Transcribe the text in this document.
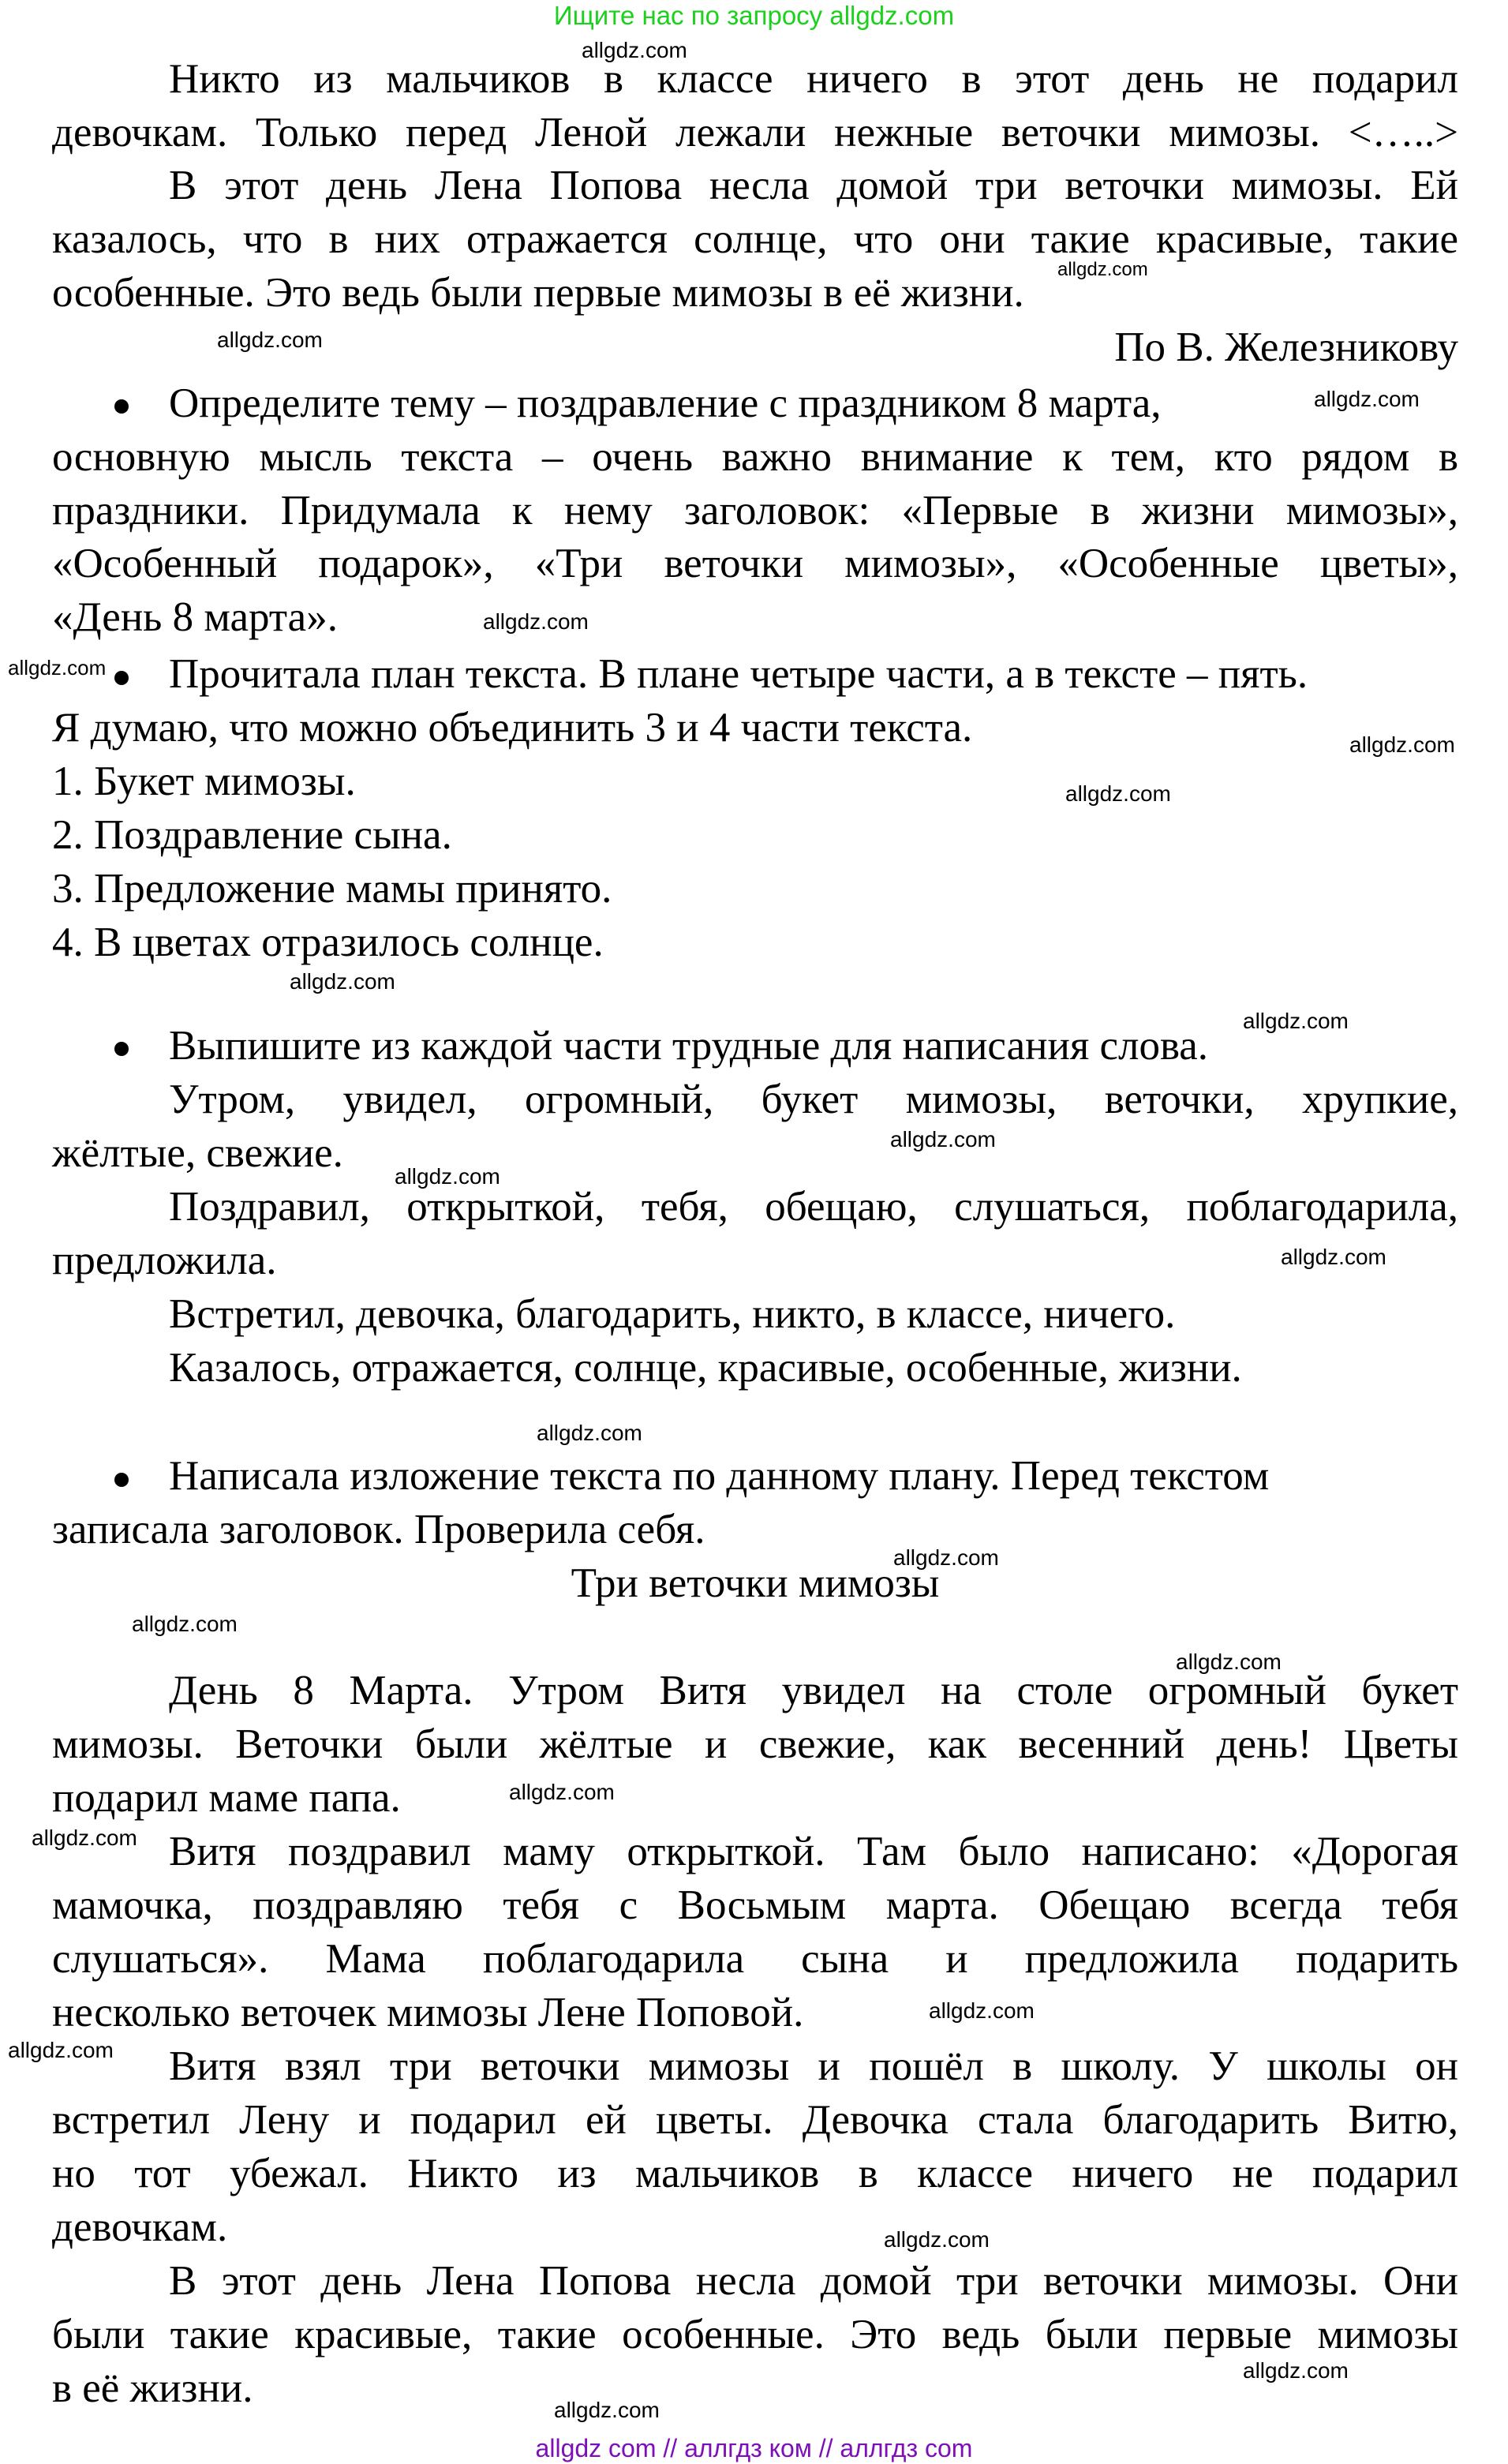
Ищите нас по запросу allgdz.com
allgdz.com
allgdz.com
allgdz.com
allgdz.com
allgdz.com
allgdz.com
allgdz.com
allgdz.com
allgdz.com
allgdz.com
allgdz.com
allgdz.com
allgdz.com
allgdz.com
allgdz.com
allgdz.com
allgdz.com
allgdz.com
allgdz.com
allgdz.com
allgdz.com
allgdz.com
allgdz.com
allgdz.com
Никто из мальчиков в классе ничего в этот день не подарил
девочкам. Только перед Леной лежали нежные веточки мимозы. <…..>
В этот день Лена Попова несла домой три веточки мимозы. Ей
казалось, что в них отражается солнце, что они такие красивые, такие
особенные. Это ведь были первые мимозы в её жизни.
По В. Железникову
Определите тему – поздравление с праздником 8 марта,
основную мысль текста – очень важно внимание к тем, кто рядом в
праздники. Придумала к нему заголовок: «Первые в жизни мимозы»,
«Особенный подарок», «Три веточки мимозы», «Особенные цветы»,
«День 8 марта».
Прочитала план текста. В плане четыре части, а в тексте – пять.
Я думаю, что можно объединить 3 и 4 части текста.
1. Букет мимозы.
2. Поздравление сына.
3. Предложение мамы принято.
4. В цветах отразилось солнце.
Выпишите из каждой части трудные для написания слова.
Утром, увидел, огромный, букет мимозы, веточки, хрупкие,
жёлтые, свежие.
Поздравил, открыткой, тебя, обещаю, слушаться, поблагодарила,
предложила.
Встретил, девочка, благодарить, никто, в классе, ничего.
Казалось, отражается, солнце, красивые, особенные, жизни.
Написала изложение текста по данному плану. Перед текстом
записала заголовок. Проверила себя.
Три веточки мимозы
День 8 Марта. Утром Витя увидел на столе огромный букет
мимозы. Веточки были жёлтые и свежие, как весенний день! Цветы
подарил маме папа.
Витя поздравил маму открыткой. Там было написано: «Дорогая
мамочка, поздравляю тебя с Восьмым марта. Обещаю всегда тебя
слушаться». Мама поблагодарила сына и предложила подарить
несколько веточек мимозы Лене Поповой.
Витя взял три веточки мимозы и пошёл в школу. У школы он
встретил Лену и подарил ей цветы. Девочка стала благодарить Витю,
но тот убежал. Никто из мальчиков в классе ничего не подарил
девочкам.
В этот день Лена Попова несла домой три веточки мимозы. Они
были такие красивые, такие особенные. Это ведь были первые мимозы
в её жизни.
allgdz com // аллгдз ком // аллгдз com
